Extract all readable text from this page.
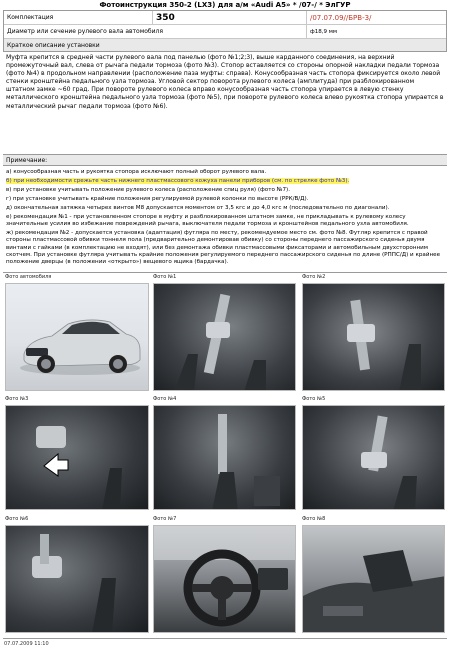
Фотоинструкция 350-2 (LX3) для а/м «Audi A5» * /07-/ * ЭлГУР
Комплектация	350	/07.07.09//БРВ-3/
Диаметр или сечение рулевого вала автомобиля	ф18,9 мм
Краткое описание установки
Муфта крепится в средней части рулевого вала под панелью (фото №1;2;3), выше карданного соединения, на верхний промежуточный вал, слева от рычага педали тормоза (фото №3). Стопор вставляется со стороны опорной накладки педали тормоза (фото №4) в продольном направлении (расположение паза муфты: справа). Конусообразная часть стопора фиксируется около левой стенки кронштейна педального узла тормоза. Угловой сектор поворота рулевого колеса (амплитуда) при разблокированном штатном замке ~60 град. При повороте рулевого колеса вправо конусообразная часть стопора упирается в левую стенку металлического кронштейна педального узла тормоза (фото №5), при повороте рулевого колеса влево рукоятка стопора упирается в металлический рычаг педали тормоза (фото №6).
Примечание:

а) конусообразная часть и рукоятка стопора исключают полный оборот рулевого вала.

б) при необходимости срежьте часть нижнего пластмассового кожуха панели приборов (см. по стрелке фото №3).

в) при установке учитывать положение рулевого колеса (расположение спиц руля) (фото №7).

г) при установке учитывать крайние положения регулируемой рулевой колонки по высоте (РРК/В/Д).

д) окончательная затяжка четырех винтов М8 допускается моментом от 3,5 кгс и до 4,0 кгс м (последовательно по диагонали).

е) рекомендация №1 - при установленном стопоре в муфту и разблокированном штатном замке, не прикладывать к рулевому колесу значительные усилия во избежание повреждений рычага, выключателя педали тормоза и кронштейнов педального узла автомобиля.

ж) рекомендация №2 - допускается установка (адаптация) футляра по месту, рекомендуемое место см. фото №8. Футляр крепится с правой стороны пластмассовой обивки тоннеля пола (предварительно демонтировав обивку) со стороны переднего пассажирского сиденья двумя винтами с гайками (в комплектацию не входят), или без демонтажа обивки пластмассовыми фиксаторами и автомобильным двухсторонним скотчем. При установке футляра учитывать крайние положения регулируемого переднего пассажирского сиденья по длине (РППС/Д) и крайнее положение дверцы (в положении «открыто») вещевого ящика (бардачка).

Фото автомобиля	Фото №1	Фото №2
Фото №3	Фото №4	Фото №5
Фото №6	Фото №7	Фото №8
07.07.2009 11:10
